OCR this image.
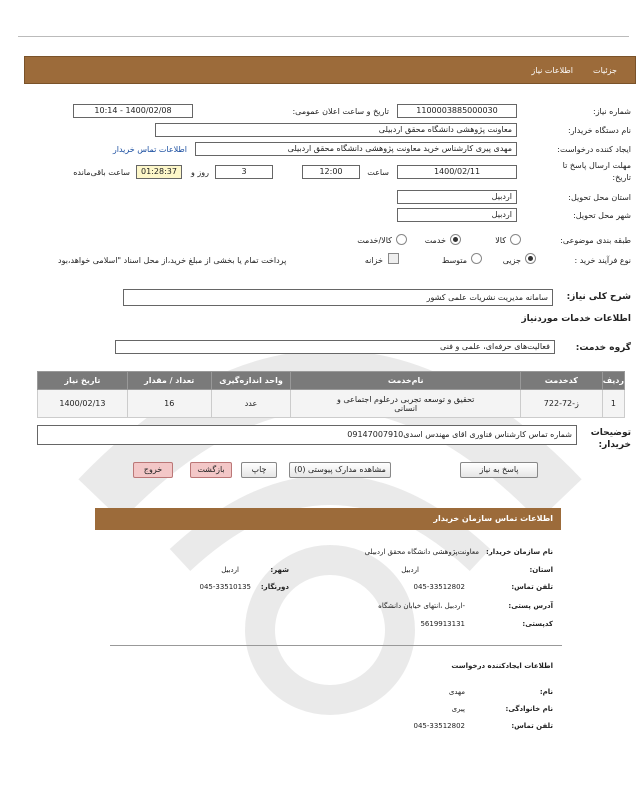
جزئیات
اطلاعات نیاز
شماره نیاز:
1100003885000030
تاریخ و ساعت اعلان عمومی:
1400/02/08 - 10:14
نام دستگاه خریدار:
معاونت پژوهشی دانشگاه محقق اردبیلی
ایجاد کننده درخواست:
مهدی پیری کارشناس خرید معاونت پژوهشی دانشگاه محقق اردبیلی
اطلاعات تماس خریدار
مهلت ارسال پاسخ تا تاریخ:
1400/02/11
ساعت
12:00
3
روز و
01:28:37
ساعت باقی‌مانده
استان محل تحویل:
اردبیل
شهر محل تحویل:
اردبیل
طبقه بندی موضوعی:
کالا
خدمت
کالا/خدمت
نوع فرآیند خرید :
جزیی
متوسط
خزانه
پرداخت تمام یا بخشی از مبلغ خرید،از محل اسناد "اسلامی خواهد،بود
شرح کلی نیاز:
سامانه مدیریت نشریات علمی کشور
اطلاعات خدمات موردنیاز
گروه خدمت:
فعالیت‌های حرفه‌ای، علمی و فنی
ردیف	کدخدمت	نام‌خدمت	واحد اندازه‌گیری	تعداد / مقدار	تاریخ نیاز
1	ز-72-722	تحقیق و توسعه تجربی درعلوم اجتماعی و انسانی	عدد	16	1400/02/13
توضیحات خریدار:
شماره تماس کارشناس فناوری اقای مهندس اسدی09147007910
پاسخ به نیاز
مشاهده مدارک پیوستی (0)
چاپ
بازگشت
خروج
اطلاعات تماس سازمان خریدار
نام سازمان خریدار:
معاونت‌پژوهشی دانشگاه محقق اردبیلی
استان:
اردبیل
شهر:
اردبیل
تلفن تماس:
045-33512802
دورنگار:
045-33510135
آدرس پستی:
-اردبیل ،انتهای خیابان دانشگاه
کدپستی:
5619913131
اطلاعات ایجادکننده درخواست
نام:
مهدی
نام خانوادگی:
پیری
تلفن تماس:
045-33512802
